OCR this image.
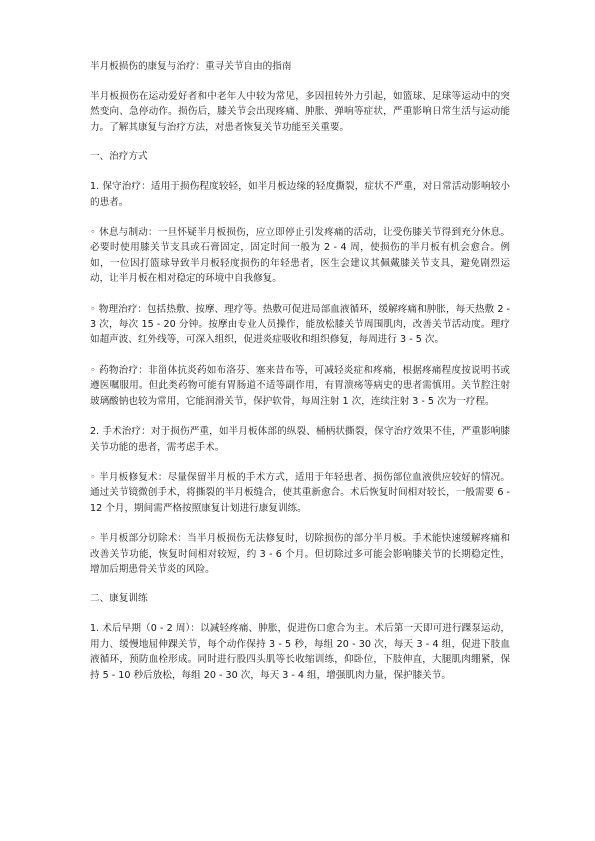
半月板损伤的康复与治疗：重寻关节自由的指南
半月板损伤在运动爱好者和中老年人中较为常见，多因扭转外力引起，如篮球、足球等运动中的突然变向、急停动作。损伤后，膝关节会出现疼痛、肿胀、弹响等症状，严重影响日常生活与运动能力。了解其康复与治疗方法，对患者恢复关节功能至关重要。
一、治疗方式
1. 保守治疗：适用于损伤程度较轻，如半月板边缘的轻度撕裂，症状不严重，对日常活动影响较小的患者。
◦ 休息与制动：一旦怀疑半月板损伤，应立即停止引发疼痛的活动，让受伤膝关节得到充分休息。必要时使用膝关节支具或石膏固定，固定时间一般为 2 - 4 周，使损伤的半月板有机会愈合。例如，一位因打篮球导致半月板轻度损伤的年轻患者，医生会建议其佩戴膝关节支具，避免剧烈运动，让半月板在相对稳定的环境中自我修复。
◦ 物理治疗：包括热敷、按摩、理疗等。热敷可促进局部血液循环，缓解疼痛和肿胀，每天热敷 2 - 3 次，每次 15 - 20 分钟。按摩由专业人员操作，能放松膝关节周围肌肉，改善关节活动度。理疗如超声波、红外线等，可深入组织，促进炎症吸收和组织修复，每周进行 3 - 5 次。
◦ 药物治疗：非甾体抗炎药如布洛芬、塞来昔布等，可减轻炎症和疼痛，根据疼痛程度按说明书或遵医嘱服用。但此类药物可能有胃肠道不适等副作用，有胃溃疡等病史的患者需慎用。关节腔注射玻璃酸钠也较为常用，它能润滑关节，保护软骨，每周注射 1 次，连续注射 3 - 5 次为一疗程。
2. 手术治疗：对于损伤严重，如半月板体部的纵裂、桶柄状撕裂，保守治疗效果不佳，严重影响膝关节功能的患者，需考虑手术。
◦ 半月板修复术：尽量保留半月板的手术方式，适用于年轻患者、损伤部位血液供应较好的情况。通过关节镜微创手术，将撕裂的半月板缝合，使其重新愈合。术后恢复时间相对较长，一般需要 6 - 12 个月，期间需严格按照康复计划进行康复训练。
◦ 半月板部分切除术：当半月板损伤无法修复时，切除损伤的部分半月板。手术能快速缓解疼痛和改善关节功能，恢复时间相对较短，约 3 - 6 个月。但切除过多可能会影响膝关节的长期稳定性，增加后期患骨关节炎的风险。
二、康复训练
1. 术后早期（0 - 2 周）：以减轻疼痛、肿胀，促进伤口愈合为主。术后第一天即可进行踝泵运动，用力、缓慢地屈伸踝关节，每个动作保持 3 - 5 秒，每组 20 - 30 次，每天 3 - 4 组，促进下肢血液循环，预防血栓形成。同时进行股四头肌等长收缩训练，仰卧位，下肢伸直，大腿肌肉绷紧，保持 5 - 10 秒后放松，每组 20 - 30 次，每天 3 - 4 组，增强肌肉力量，保护膝关节。
